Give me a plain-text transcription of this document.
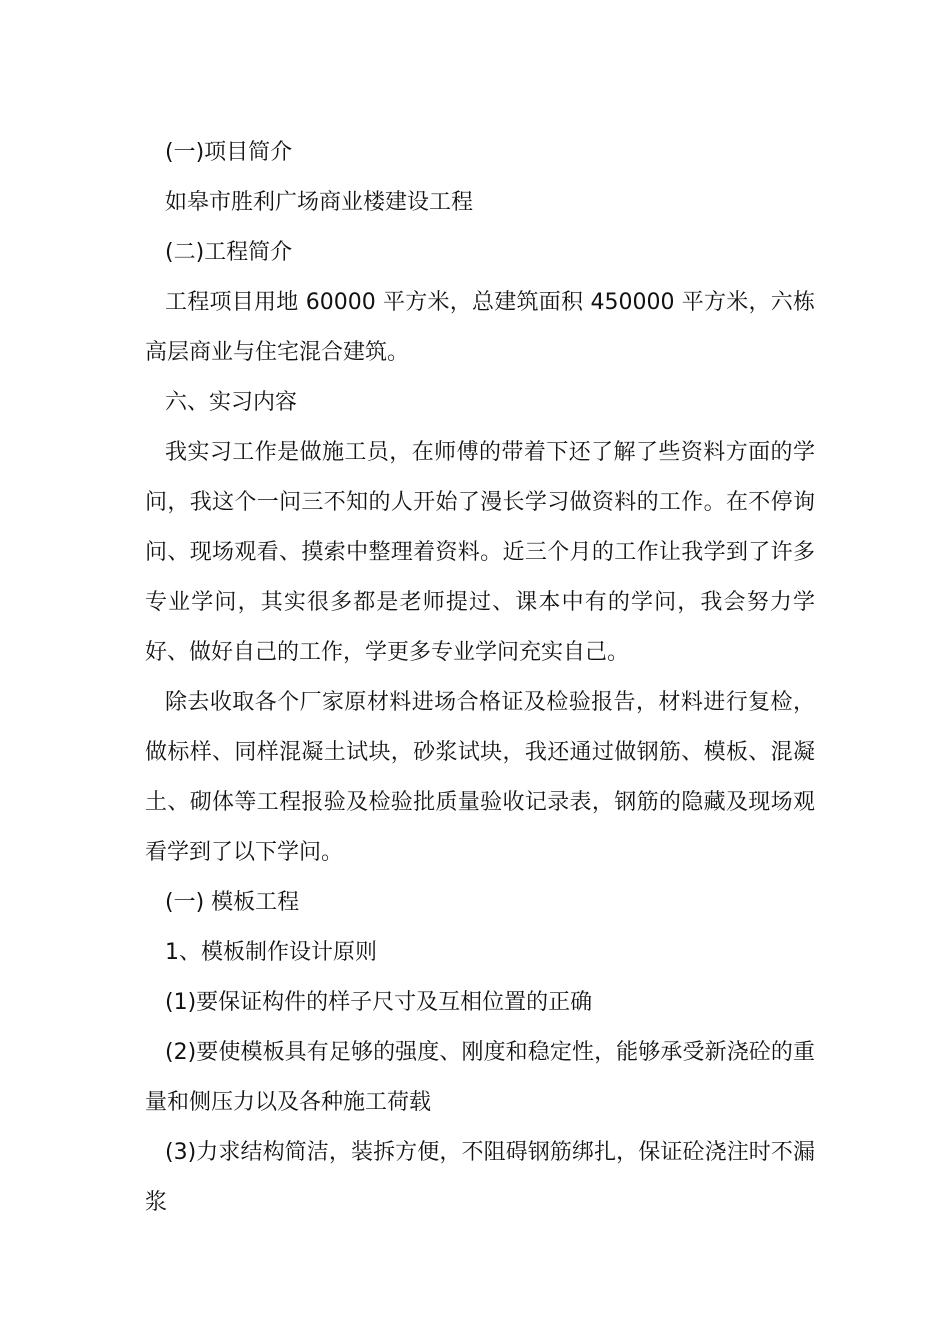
(一)项目简介

如皋市胜利广场商业楼建设工程

(二)工程简介

工程项目用地 60000 平方米，总建筑面积 450000 平方米，六栋高层商业与住宅混合建筑。

六、实习内容

我实习工作是做施工员，在师傅的带着下还了解了些资料方面的学问，我这个一问三不知的人开始了漫长学习做资料的工作。在不停询问、现场观看、摸索中整理着资料。近三个月的工作让我学到了许多专业学问，其实很多都是老师提过、课本中有的学问，我会努力学好、做好自己的工作，学更多专业学问充实自己。

除去收取各个厂家原材料进场合格证及检验报告，材料进行复检，做标样、同样混凝土试块，砂浆试块，我还通过做钢筋、模板、混凝土、砌体等工程报验及检验批质量验收记录表，钢筋的隐藏及现场观看学到了以下学问。

(一) 模板工程

1、模板制作设计原则

(1)要保证构件的样子尺寸及互相位置的正确

(2)要使模板具有足够的强度、刚度和稳定性，能够承受新浇砼的重量和侧压力以及各种施工荷载

(3)力求结构简洁，装拆方便，不阻碍钢筋绑扎，保证砼浇注时不漏浆
